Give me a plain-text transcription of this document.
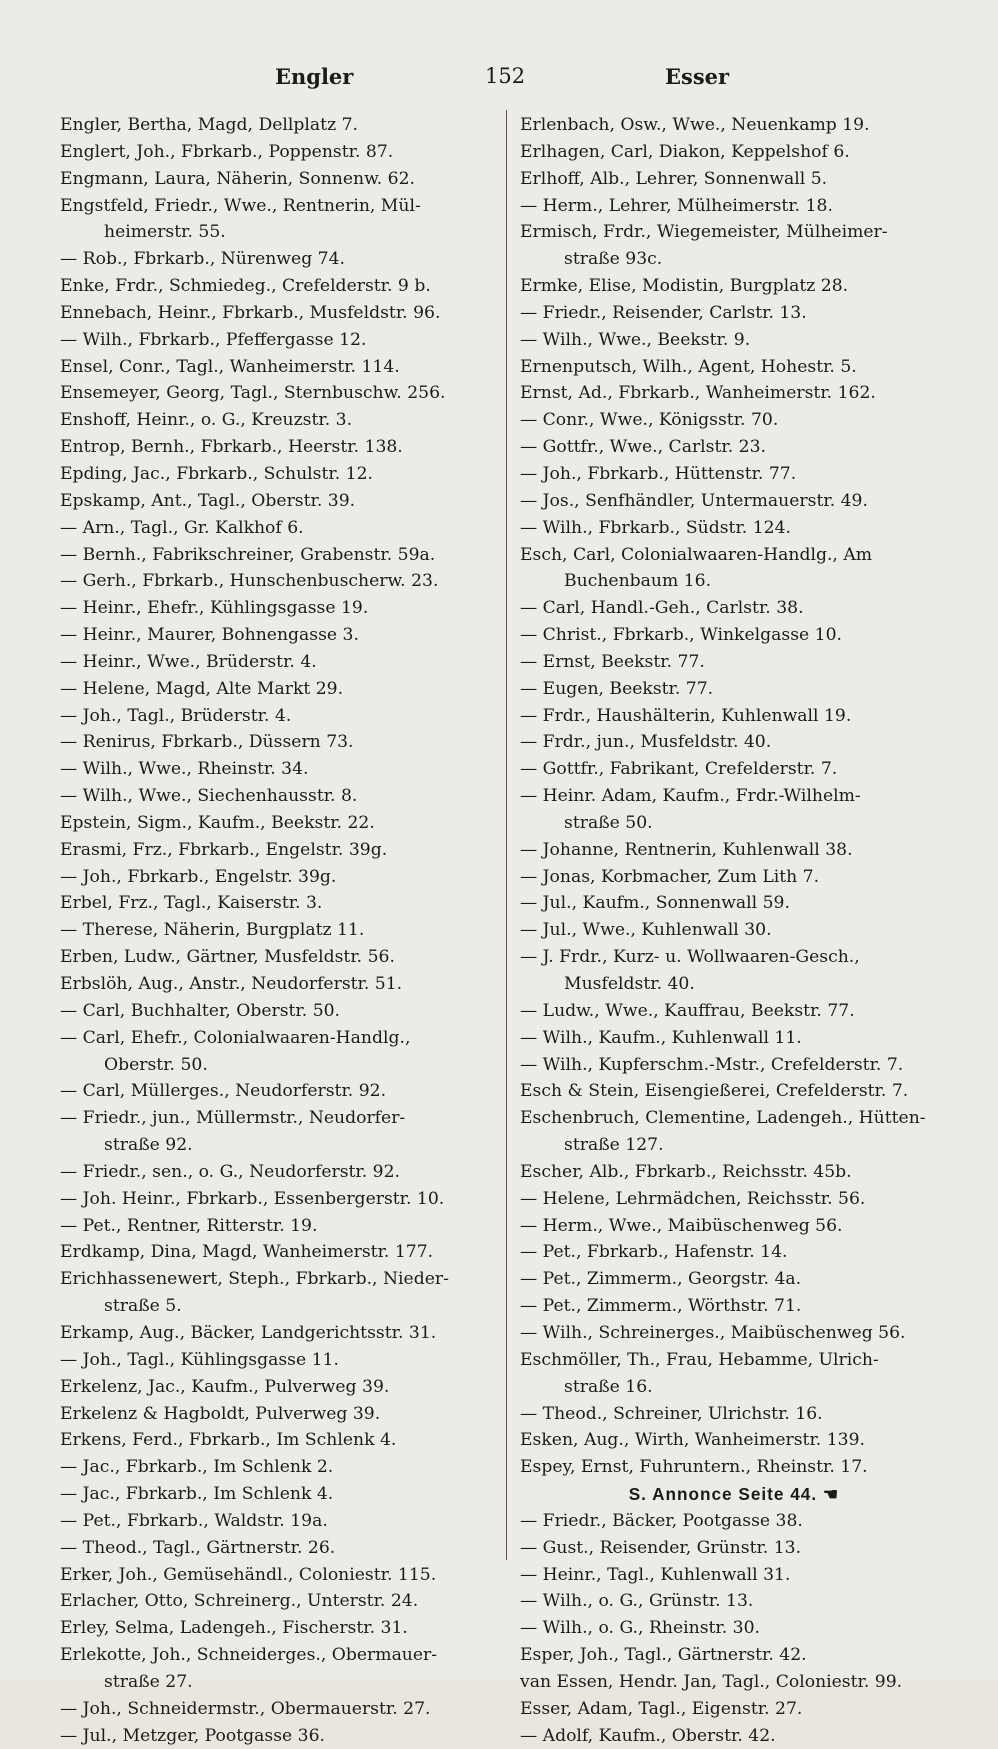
Engler	152	Esser
Engler, Bertha, Magd, Dellplatz 7.
Englert, Joh., Fbrkarb., Poppenstr. 87.
Engmann, Laura, Näherin, Sonnenw. 62.
Engstfeld, Friedr., Wwe., Rentnerin, Mül-
heimerstr. 55.
— Rob., Fbrkarb., Nürenweg 74.
Enke, Frdr., Schmiedeg., Crefelderstr. 9 b.
Ennebach, Heinr., Fbrkarb., Musfeldstr. 96.
— Wilh., Fbrkarb., Pfeffergasse 12.
Ensel, Conr., Tagl., Wanheimerstr. 114.
Ensemeyer, Georg, Tagl., Sternbuschw. 256.
Enshoff, Heinr., o. G., Kreuzstr. 3.
Entrop, Bernh., Fbrkarb., Heerstr. 138.
Epding, Jac., Fbrkarb., Schulstr. 12.
Epskamp, Ant., Tagl., Oberstr. 39.
— Arn., Tagl., Gr. Kalkhof 6.
— Bernh., Fabrikschreiner, Grabenstr. 59a.
— Gerh., Fbrkarb., Hunschenbuscherw. 23.
— Heinr., Ehefr., Kühlingsgasse 19.
— Heinr., Maurer, Bohnengasse 3.
— Heinr., Wwe., Brüderstr. 4.
— Helene, Magd, Alte Markt 29.
— Joh., Tagl., Brüderstr. 4.
— Renirus, Fbrkarb., Düssern 73.
— Wilh., Wwe., Rheinstr. 34.
— Wilh., Wwe., Siechenhausstr. 8.
Epstein, Sigm., Kaufm., Beekstr. 22.
Erasmi, Frz., Fbrkarb., Engelstr. 39g.
— Joh., Fbrkarb., Engelstr. 39g.
Erbel, Frz., Tagl., Kaiserstr. 3.
— Therese, Näherin, Burgplatz 11.
Erben, Ludw., Gärtner, Musfeldstr. 56.
Erbslöh, Aug., Anstr., Neudorferstr. 51.
— Carl, Buchhalter, Oberstr. 50.
— Carl, Ehefr., Colonialwaaren-Handlg.,
Oberstr. 50.
— Carl, Müllerges., Neudorferstr. 92.
— Friedr., jun., Müllermstr., Neudorfer-
straße 92.
— Friedr., sen., o. G., Neudorferstr. 92.
— Joh. Heinr., Fbrkarb., Essenbergerstr. 10.
— Pet., Rentner, Ritterstr. 19.
Erdkamp, Dina, Magd, Wanheimerstr. 177.
Erichhassenewert, Steph., Fbrkarb., Nieder-
straße 5.
Erkamp, Aug., Bäcker, Landgerichtsstr. 31.
— Joh., Tagl., Kühlingsgasse 11.
Erkelenz, Jac., Kaufm., Pulverweg 39.
Erkelenz & Hagboldt, Pulverweg 39.
Erkens, Ferd., Fbrkarb., Im Schlenk 4.
— Jac., Fbrkarb., Im Schlenk 2.
— Jac., Fbrkarb., Im Schlenk 4.
— Pet., Fbrkarb., Waldstr. 19a.
— Theod., Tagl., Gärtnerstr. 26.
Erker, Joh., Gemüsehändl., Coloniestr. 115.
Erlacher, Otto, Schreinerg., Unterstr. 24.
Erley, Selma, Ladengeh., Fischerstr. 31.
Erlekotte, Joh., Schneiderges., Obermauer-
straße 27.
— Joh., Schneidermstr., Obermauerstr. 27.
— Jul., Metzger, Pootgasse 36.
Erlenbach, Osw., Wwe., Neuenkamp 19.
Erlhagen, Carl, Diakon, Keppelshof 6.
Erlhoff, Alb., Lehrer, Sonnenwall 5.
— Herm., Lehrer, Mülheimerstr. 18.
Ermisch, Frdr., Wiegemeister, Mülheimer-
straße 93c.
Ermke, Elise, Modistin, Burgplatz 28.
— Friedr., Reisender, Carlstr. 13.
— Wilh., Wwe., Beekstr. 9.
Ernenputsch, Wilh., Agent, Hohestr. 5.
Ernst, Ad., Fbrkarb., Wanheimerstr. 162.
— Conr., Wwe., Königsstr. 70.
— Gottfr., Wwe., Carlstr. 23.
— Joh., Fbrkarb., Hüttenstr. 77.
— Jos., Senfhändler, Untermauerstr. 49.
— Wilh., Fbrkarb., Südstr. 124.
Esch, Carl, Colonialwaaren-Handlg., Am
Buchenbaum 16.
— Carl, Handl.-Geh., Carlstr. 38.
— Christ., Fbrkarb., Winkelgasse 10.
— Ernst, Beekstr. 77.
— Eugen, Beekstr. 77.
— Frdr., Haushälterin, Kuhlenwall 19.
— Frdr., jun., Musfeldstr. 40.
— Gottfr., Fabrikant, Crefelderstr. 7.
— Heinr. Adam, Kaufm., Frdr.-Wilhelm-
straße 50.
— Johanne, Rentnerin, Kuhlenwall 38.
— Jonas, Korbmacher, Zum Lith 7.
— Jul., Kaufm., Sonnenwall 59.
— Jul., Wwe., Kuhlenwall 30.
— J. Frdr., Kurz- u. Wollwaaren-Gesch.,
Musfeldstr. 40.
— Ludw., Wwe., Kauffrau, Beekstr. 77.
— Wilh., Kaufm., Kuhlenwall 11.
— Wilh., Kupferschm.-Mstr., Crefelderstr. 7.
Esch & Stein, Eisengießerei, Crefelderstr. 7.
Eschenbruch, Clementine, Ladengeh., Hütten-
straße 127.
Escher, Alb., Fbrkarb., Reichsstr. 45b.
— Helene, Lehrmädchen, Reichsstr. 56.
— Herm., Wwe., Maibüschenweg 56.
— Pet., Fbrkarb., Hafenstr. 14.
— Pet., Zimmerm., Georgstr. 4a.
— Pet., Zimmerm., Wörthstr. 71.
— Wilh., Schreinerges., Maibüschenweg 56.
Eschmöller, Th., Frau, Hebamme, Ulrich-
straße 16.
— Theod., Schreiner, Ulrichstr. 16.
Esken, Aug., Wirth, Wanheimerstr. 139.
Espey, Ernst, Fuhruntern., Rheinstr. 17.
S. Annonce Seite 44. ☚
— Friedr., Bäcker, Pootgasse 38.
— Gust., Reisender, Grünstr. 13.
— Heinr., Tagl., Kuhlenwall 31.
— Wilh., o. G., Grünstr. 13.
— Wilh., o. G., Rheinstr. 30.
Esper, Joh., Tagl., Gärtnerstr. 42.
van Essen, Hendr. Jan, Tagl., Coloniestr. 99.
Esser, Adam, Tagl., Eigenstr. 27.
— Adolf, Kaufm., Oberstr. 42.
